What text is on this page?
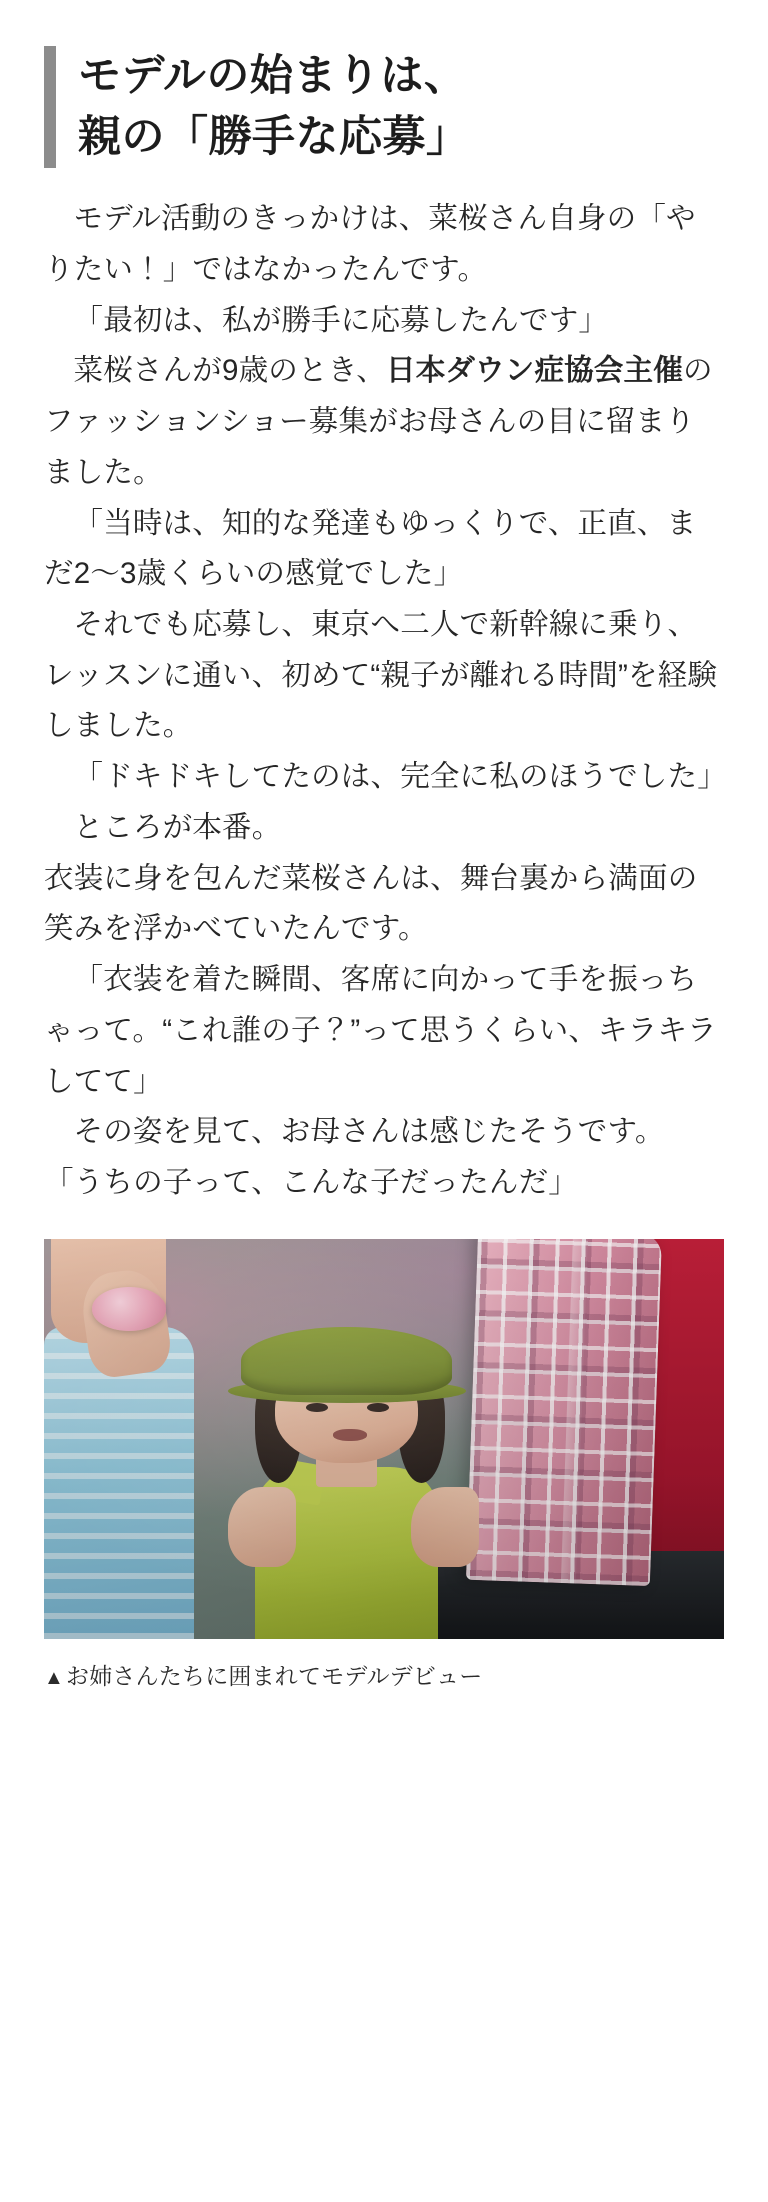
モデルの始まりは、
親の「勝手な応募」

モデル活動のきっかけは、菜桜さん自身の「やりたい！」ではなかったんです。

「最初は、私が勝手に応募したんです」

菜桜さんが9歳のとき、日本ダウン症協会主催のファッションショー募集がお母さんの目に留まりました。

「当時は、知的な発達もゆっくりで、正直、まだ2〜3歳くらいの感覚でした」

それでも応募し、東京へ二人で新幹線に乗り、レッスンに通い、初めて“親子が離れる時間”を経験しました。

「ドキドキしてたのは、完全に私のほうでした」

ところが本番。

衣装に身を包んだ菜桜さんは、舞台裏から満面の笑みを浮かべていたんです。

「衣装を着た瞬間、客席に向かって手を振っちゃって。“これ誰の子？”って思うくらい、キラキラしてて」

その姿を見て、お母さんは感じたそうです。

「うちの子って、こんな子だったんだ」

▲お姉さんたちに囲まれてモデルデビュー
